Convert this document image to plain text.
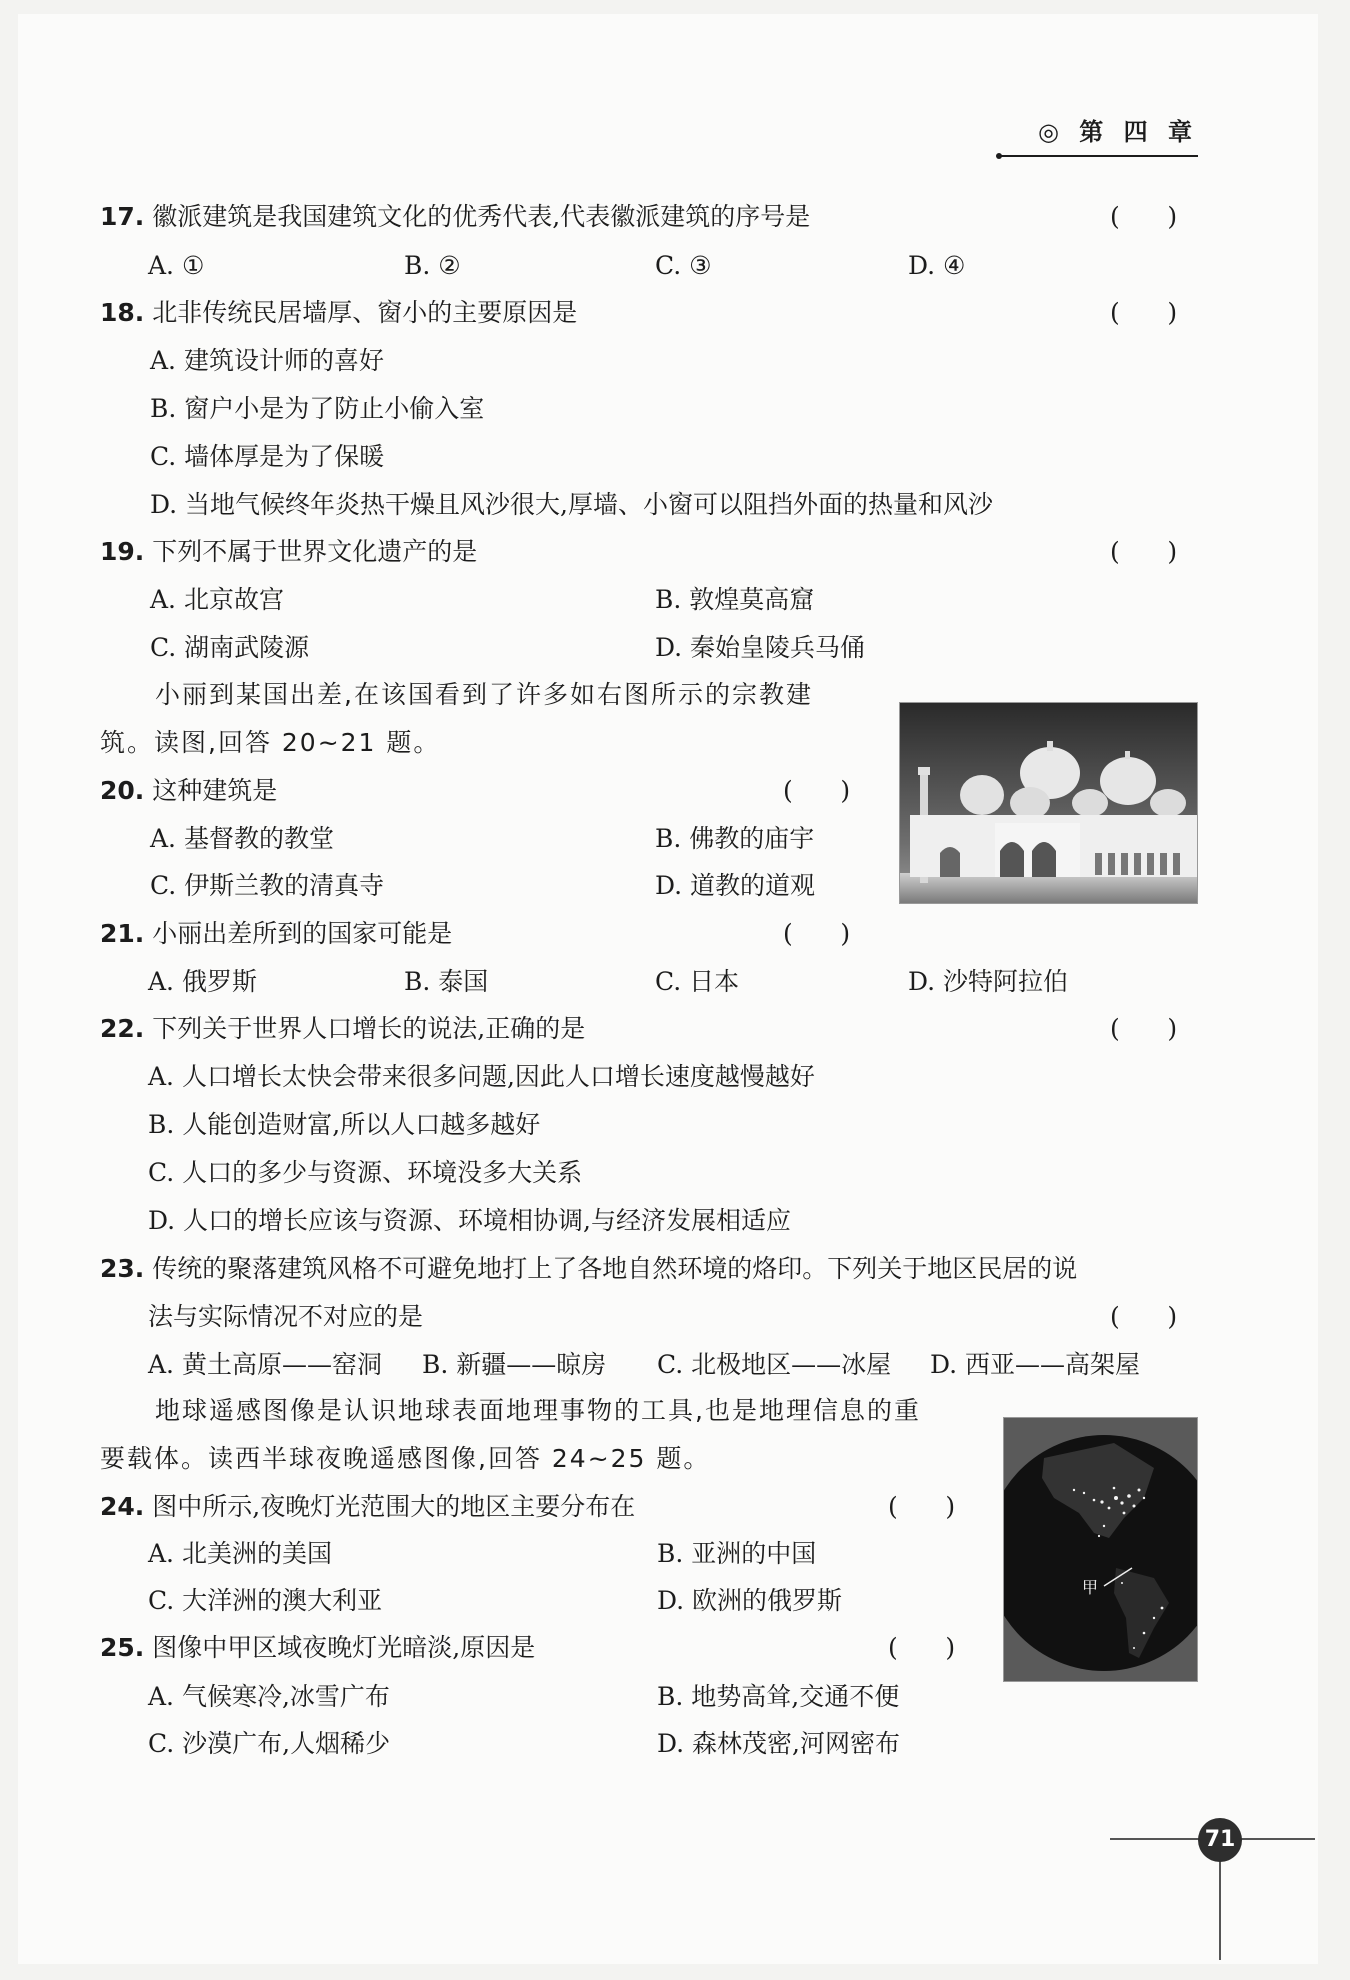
◎ 第 四 章
17. 徽派建筑是我国建筑文化的优秀代表,代表徽派建筑的序号是	(      )
A. ①	B. ②	C. ③	D. ④
18. 北非传统民居墙厚、窗小的主要原因是	(      )
A. 建筑设计师的喜好
B. 窗户小是为了防止小偷入室
C. 墙体厚是为了保暖
D. 当地气候终年炎热干燥且风沙很大,厚墙、小窗可以阻挡外面的热量和风沙
19. 下列不属于世界文化遗产的是	(      )
A. 北京故宫	B. 敦煌莫高窟
C. 湖南武陵源	D. 秦始皇陵兵马俑
小丽到某国出差,在该国看到了许多如右图所示的宗教建
筑。读图,回答 20~21 题。
20. 这种建筑是	(      )
A. 基督教的教堂	B. 佛教的庙宇
C. 伊斯兰教的清真寺	D. 道教的道观
21. 小丽出差所到的国家可能是	(      )
A. 俄罗斯	B. 泰国	C. 日本	D. 沙特阿拉伯
22. 下列关于世界人口增长的说法,正确的是	(      )
A. 人口增长太快会带来很多问题,因此人口增长速度越慢越好
B. 人能创造财富,所以人口越多越好
C. 人口的多少与资源、环境没多大关系
D. 人口的增长应该与资源、环境相协调,与经济发展相适应
23. 传统的聚落建筑风格不可避免地打上了各地自然环境的烙印。下列关于地区民居的说
法与实际情况不对应的是	(      )
A. 黄土高原——窑洞 B. 新疆——晾房 C. 北极地区——冰屋 D. 西亚——高架屋
地球遥感图像是认识地球表面地理事物的工具,也是地理信息的重
要载体。读西半球夜晚遥感图像,回答 24~25 题。
甲
24. 图中所示,夜晚灯光范围大的地区主要分布在	(      )
A. 北美洲的美国	B. 亚洲的中国
C. 大洋洲的澳大利亚	D. 欧洲的俄罗斯
25. 图像中甲区域夜晚灯光暗淡,原因是	(      )
A. 气候寒冷,冰雪广布	B. 地势高耸,交通不便
C. 沙漠广布,人烟稀少	D. 森林茂密,河网密布
71
